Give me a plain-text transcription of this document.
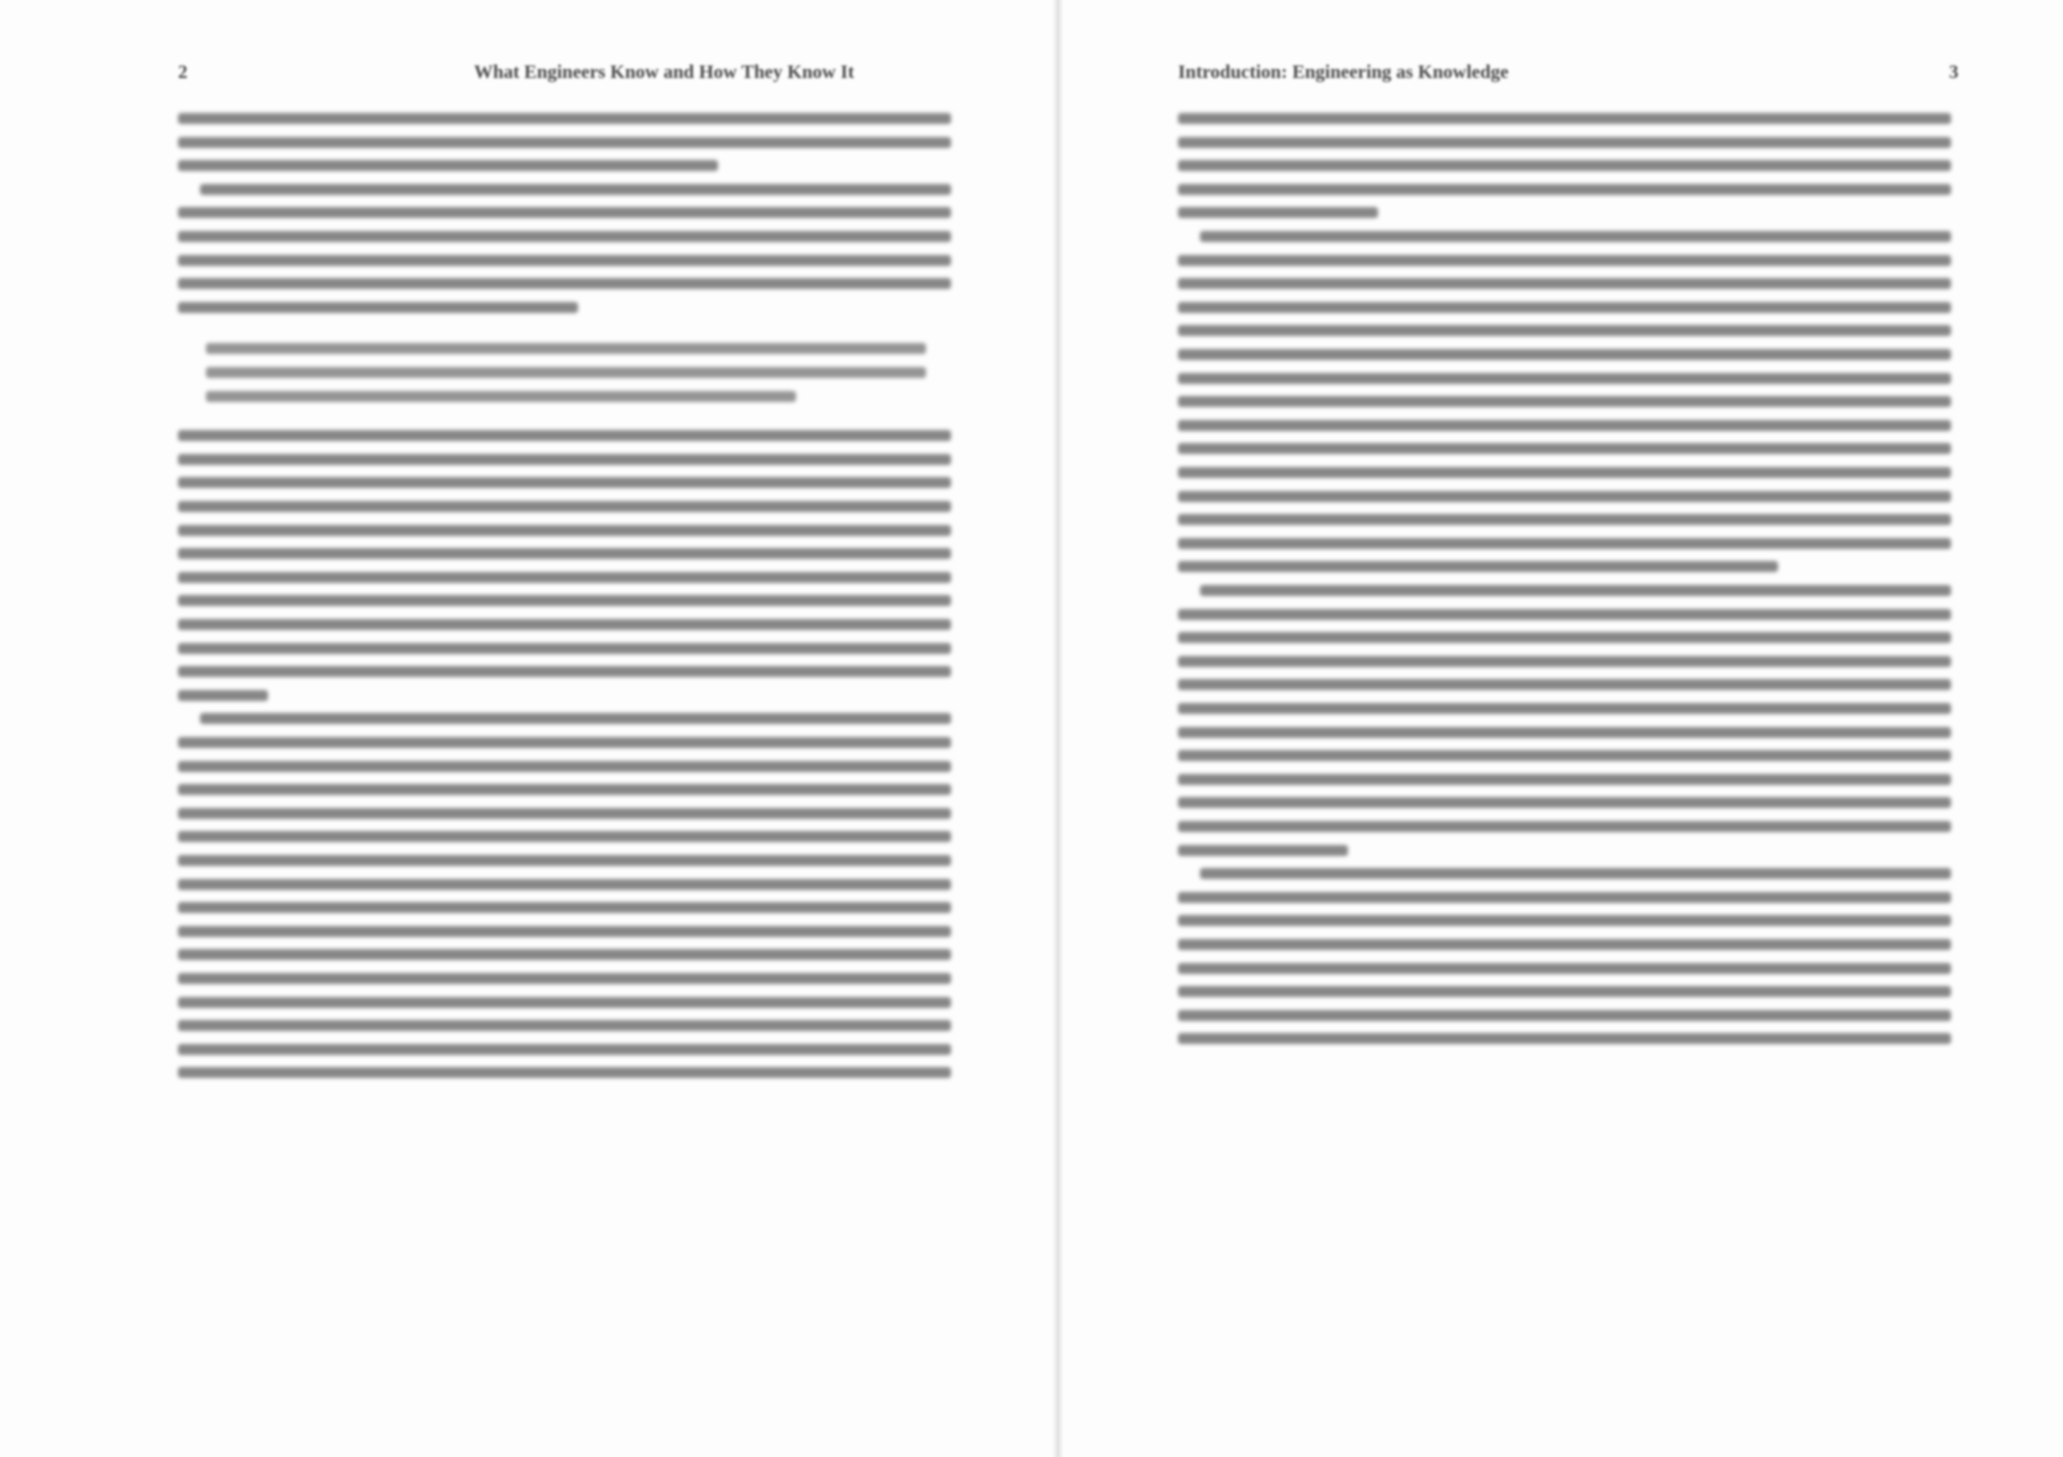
2	What Engineers Know and How They Know It	Introduction: Engineering as Knowledge	3
